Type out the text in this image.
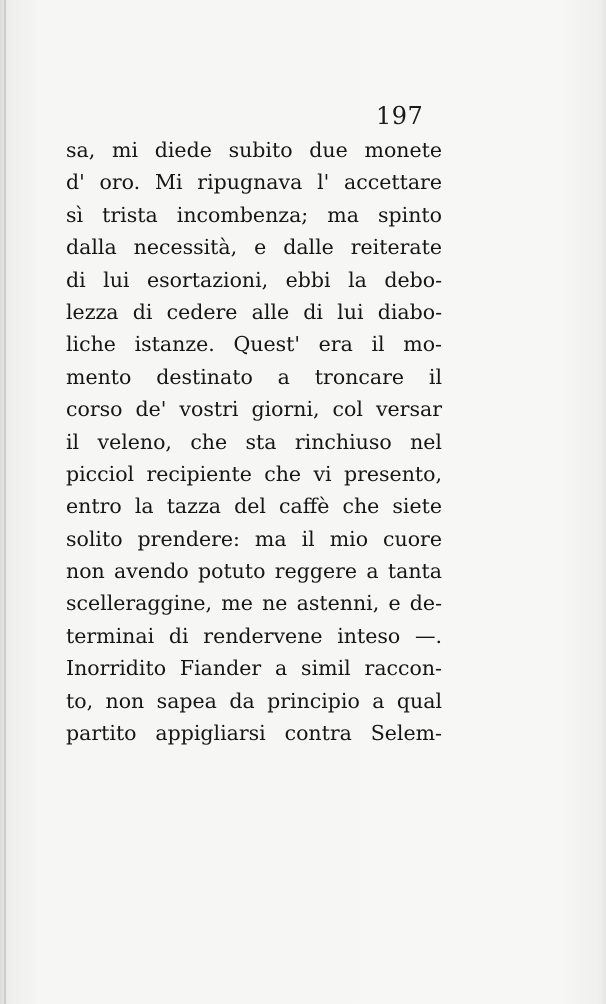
197
sa, mi diede subito due monete
d' oro. Mi ripugnava l' accettare
sì trista incombenza; ma spinto
dalla necessità, e dalle reiterate
di lui esortazioni, ebbi la debo-
lezza di cedere alle di lui diabo-
liche istanze. Quest' era il mo-
mento destinato a troncare il
corso de' vostri giorni, col versar
il veleno, che sta rinchiuso nel
picciol recipiente che vi presento,
entro la tazza del caffè che siete
solito prendere: ma il mio cuore
non avendo potuto reggere a tanta
scelleraggine, me ne astenni, e de-
terminai di rendervene inteso —.
Inorridito Fiander a simil raccon-
to, non sapea da principio a qual
partito appigliarsi contra Selem-
